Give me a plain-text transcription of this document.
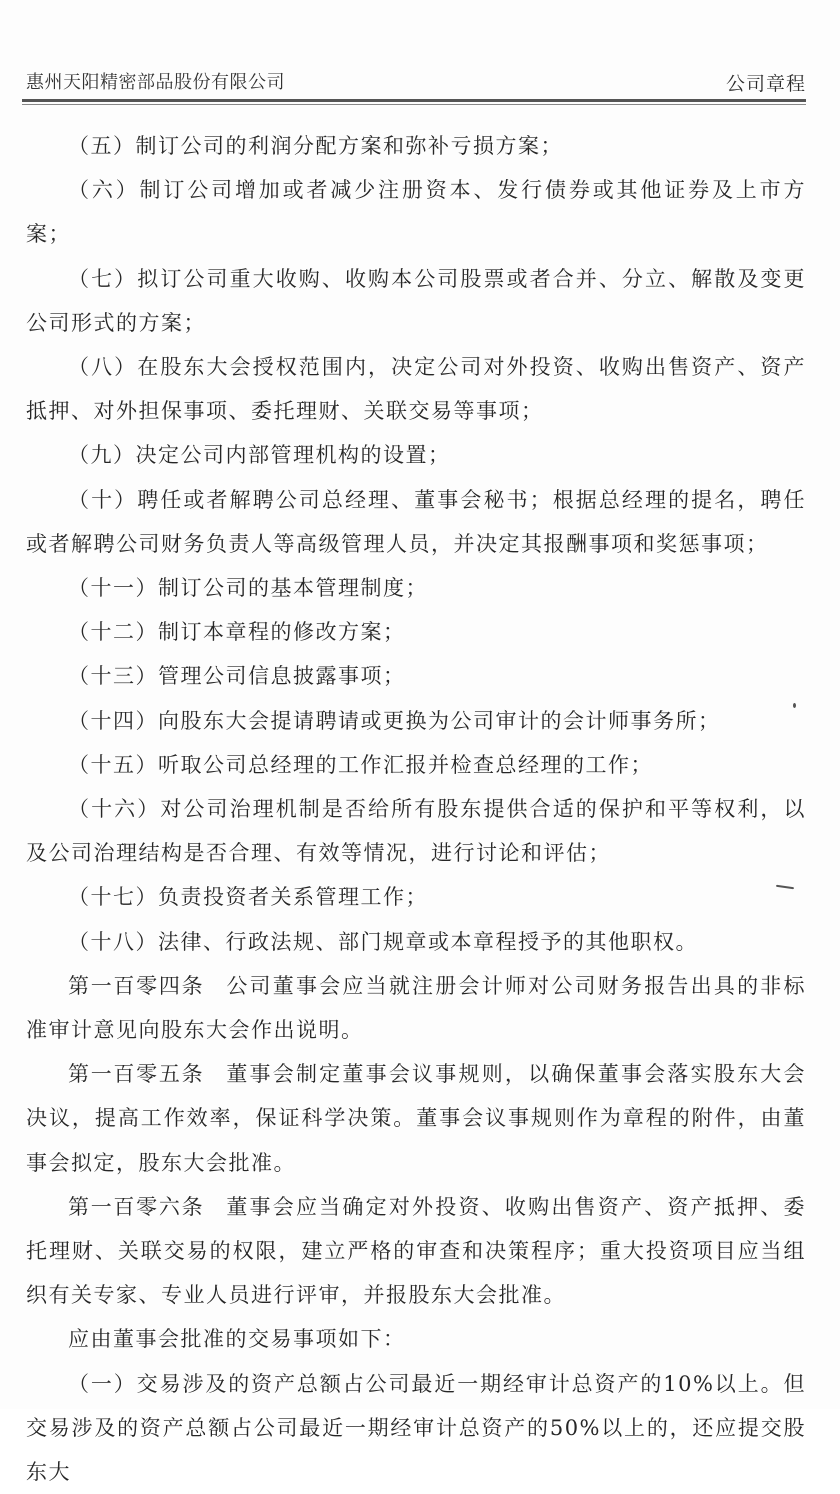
惠州天阳精密部品股份有限公司	公司章程

（五）制订公司的利润分配方案和弥补亏损方案；

（六）制订公司增加或者减少注册资本、发行债券或其他证券及上市方案；

（七）拟订公司重大收购、收购本公司股票或者合并、分立、解散及变更公司形式的方案；

（八）在股东大会授权范围内，决定公司对外投资、收购出售资产、资产抵押、对外担保事项、委托理财、关联交易等事项；

（九）决定公司内部管理机构的设置；

（十）聘任或者解聘公司总经理、董事会秘书；根据总经理的提名，聘任或者解聘公司财务负责人等高级管理人员，并决定其报酬事项和奖惩事项；

（十一）制订公司的基本管理制度；

（十二）制订本章程的修改方案；

（十三）管理公司信息披露事项；

（十四）向股东大会提请聘请或更换为公司审计的会计师事务所；

（十五）听取公司总经理的工作汇报并检查总经理的工作；

（十六）对公司治理机制是否给所有股东提供合适的保护和平等权利，以及公司治理结构是否合理、有效等情况，进行讨论和评估；

（十七）负责投资者关系管理工作；

（十八）法律、行政法规、部门规章或本章程授予的其他职权。

第一百零四条 公司董事会应当就注册会计师对公司财务报告出具的非标准审计意见向股东大会作出说明。

第一百零五条 董事会制定董事会议事规则，以确保董事会落实股东大会决议，提高工作效率，保证科学决策。董事会议事规则作为章程的附件，由董事会拟定，股东大会批准。

第一百零六条 董事会应当确定对外投资、收购出售资产、资产抵押、委托理财、关联交易的权限，建立严格的审查和决策程序；重大投资项目应当组织有关专家、专业人员进行评审，并报股东大会批准。

应由董事会批准的交易事项如下：

（一）交易涉及的资产总额占公司最近一期经审计总资产的10%以上。但交易涉及的资产总额占公司最近一期经审计总资产的50%以上的，还应提交股东大
